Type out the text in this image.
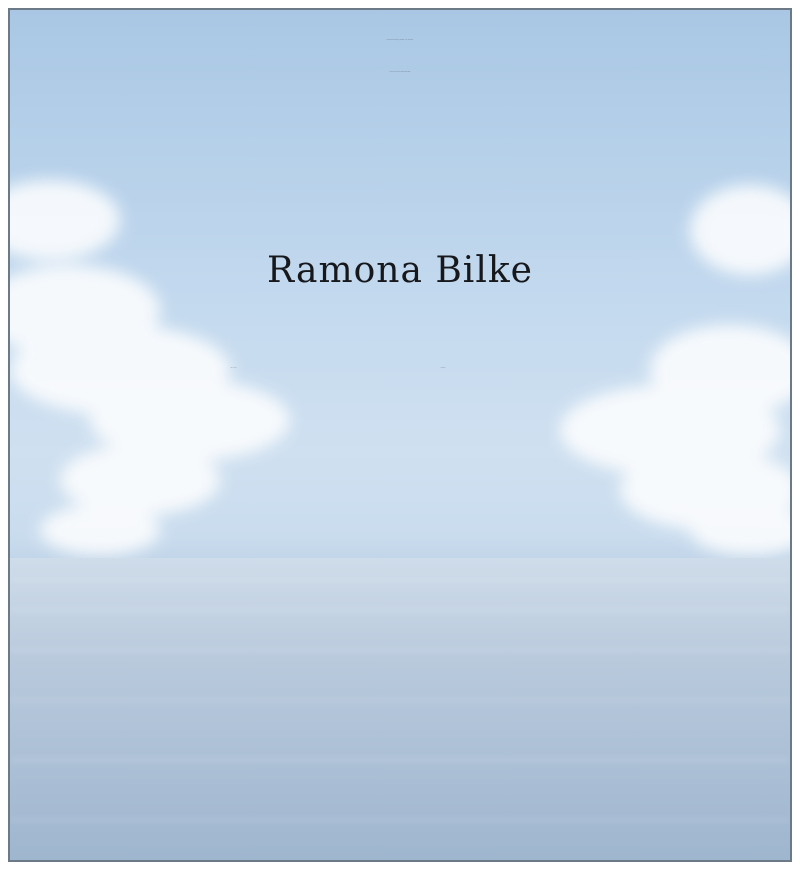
Nun aber bleibt Glaube, Hoffnung, Liebe, diese drei:
Aber die Liebe ist die größte unter ihnen.
Ramona Bilke
* 12.12.1957	† 2.6.2016
